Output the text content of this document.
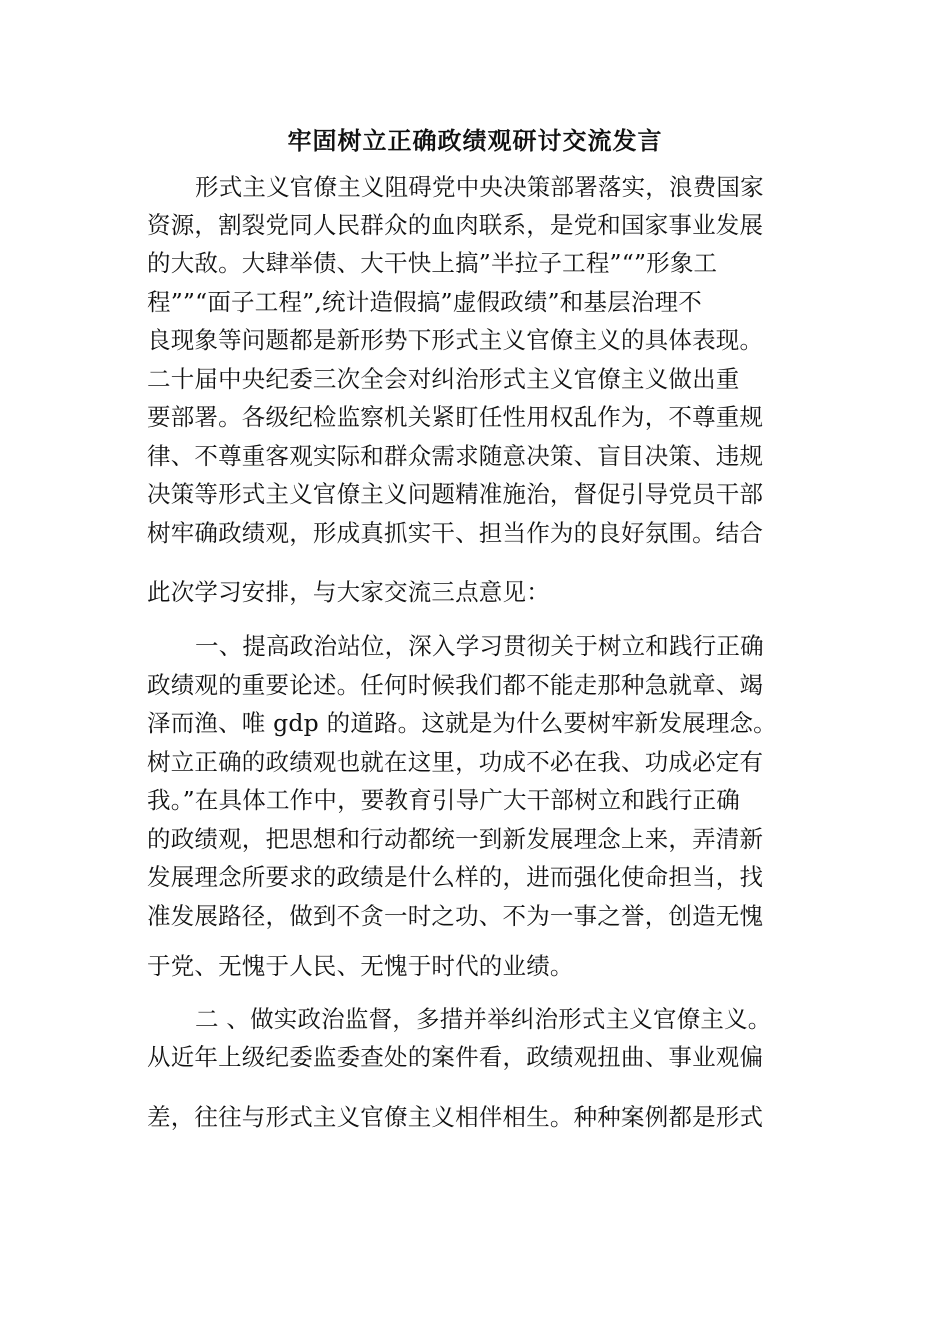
牢固树立正确政绩观研讨交流发言
形式主义官僚主义阻碍党中央决策部署落实，浪费国家
资源，割裂党同人民群众的血肉联系，是党和国家事业发展
的大敌。大肆举债、大干快上搞”半拉子工程”“”形象工
程””“面子工程”,统计造假搞”虚假政绩”和基层治理不
良现象等问题都是新形势下形式主义官僚主义的具体表现。
二十届中央纪委三次全会对纠治形式主义官僚主义做出重
要部署。各级纪检监察机关紧盯任性用权乱作为，不尊重规
律、不尊重客观实际和群众需求随意决策、盲目决策、违规
决策等形式主义官僚主义问题精准施治，督促引导党员干部
树牢确政绩观，形成真抓实干、担当作为的良好氛围。结合
此次学习安排，与大家交流三点意见：
一、提高政治站位，深入学习贯彻关于树立和践行正确
政绩观的重要论述。任何时候我们都不能走那种急就章、竭
泽而渔、唯 gdp 的道路。这就是为什么要树牢新发展理念。
树立正确的政绩观也就在这里，功成不必在我、功成必定有
我。”在具体工作中，要教育引导广大干部树立和践行正确
的政绩观，把思想和行动都统一到新发展理念上来，弄清新
发展理念所要求的政绩是什么样的，进而强化使命担当，找
准发展路径，做到不贪一时之功、不为一事之誉，创造无愧
于党、无愧于人民、无愧于时代的业绩。
二 、做实政治监督，多措并举纠治形式主义官僚主义。
从近年上级纪委监委查处的案件看，政绩观扭曲、事业观偏
差，往往与形式主义官僚主义相伴相生。种种案例都是形式
